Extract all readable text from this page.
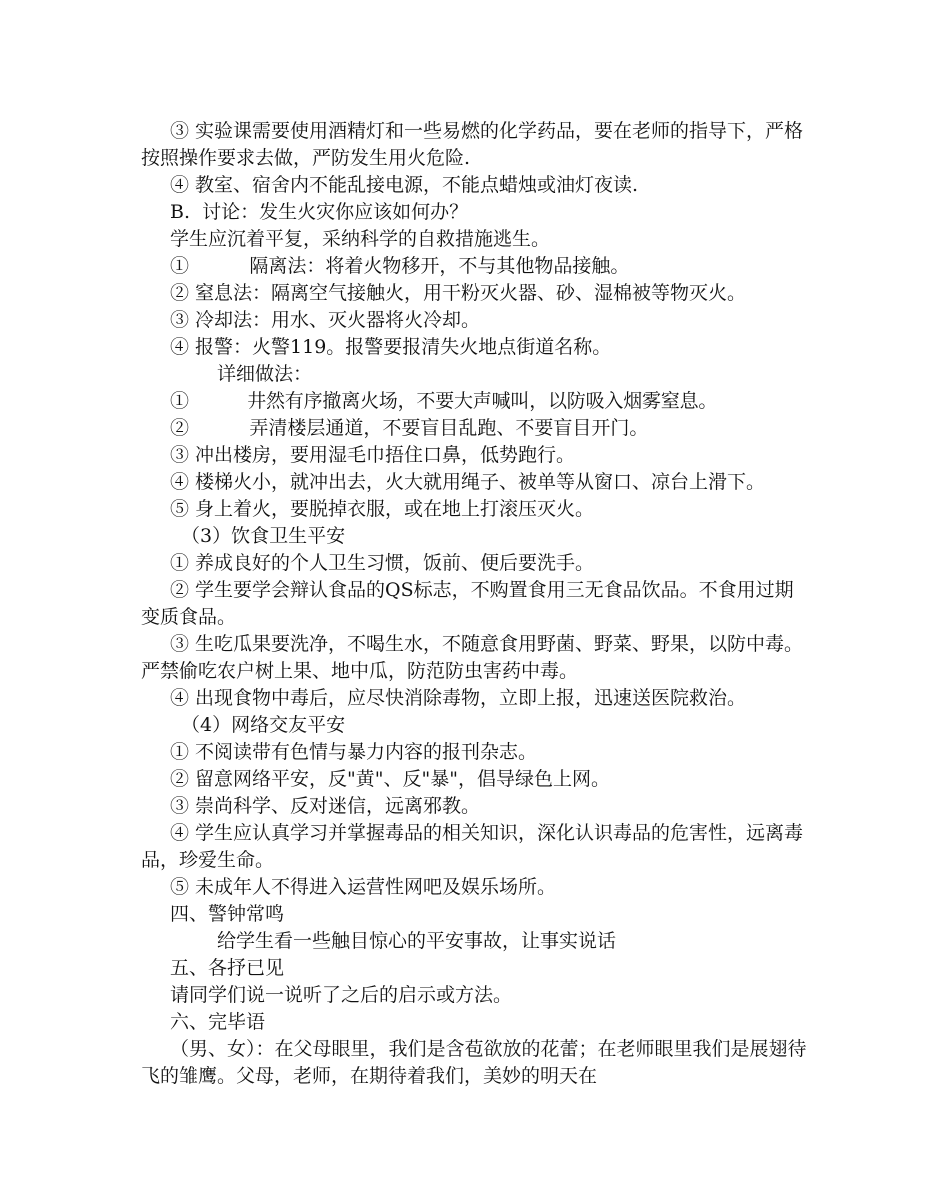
③ 实验课需要使用酒精灯和一些易燃的化学药品，要在老师的指导下，严格按照操作要求去做，严防发生用火危险.

④ 教室、宿舍内不能乱接电源，不能点蜡烛或油灯夜读.

B.  讨论：发生火灾你应该如何办？

学生应沉着平复，采纳科学的自救措施逃生。

①          隔离法：将着火物移开，不与其他物品接触。

② 窒息法：隔离空气接触火，用干粉灭火器、砂、湿棉被等物灭火。

③ 冷却法：用水、灭火器将火冷却。

④ 报警：火警119。报警要报清失火地点街道名称。

详细做法：

①          井然有序撤离火场，不要大声喊叫，以防吸入烟雾窒息。

②          弄清楼层通道，不要盲目乱跑、不要盲目开门。

③ 冲出楼房，要用湿毛巾捂住口鼻，低势跑行。

④ 楼梯火小，就冲出去，火大就用绳子、被单等从窗口、凉台上滑下。

⑤ 身上着火，要脱掉衣服，或在地上打滚压灭火。

（3）饮食卫生平安

① 养成良好的个人卫生习惯，饭前、便后要洗手。

② 学生要学会辩认食品的QS标志，不购置食用三无食品饮品。不食用过期变质食品。

③ 生吃瓜果要洗净，不喝生水，不随意食用野菌、野菜、野果，以防中毒。严禁偷吃农户树上果、地中瓜，防范防虫害药中毒。

④ 出现食物中毒后，应尽快消除毒物，立即上报，迅速送医院救治。

（4）网络交友平安

① 不阅读带有色情与暴力内容的报刊杂志。

② 留意网络平安，反"黄"、反"暴"，倡导绿色上网。

③ 崇尚科学、反对迷信，远离邪教。

④ 学生应认真学习并掌握毒品的相关知识，深化认识毒品的危害性，远离毒品，珍爱生命。

⑤ 未成年人不得进入运营性网吧及娱乐场所。

四、警钟常鸣

给学生看一些触目惊心的平安事故，让事实说话

五、各抒已见

请同学们说一说听了之后的启示或方法。

六、完毕语

（男、女）：在父母眼里，我们是含苞欲放的花蕾；在老师眼里我们是展翅待飞的雏鹰。父母，老师，在期待着我们，美妙的明天在
